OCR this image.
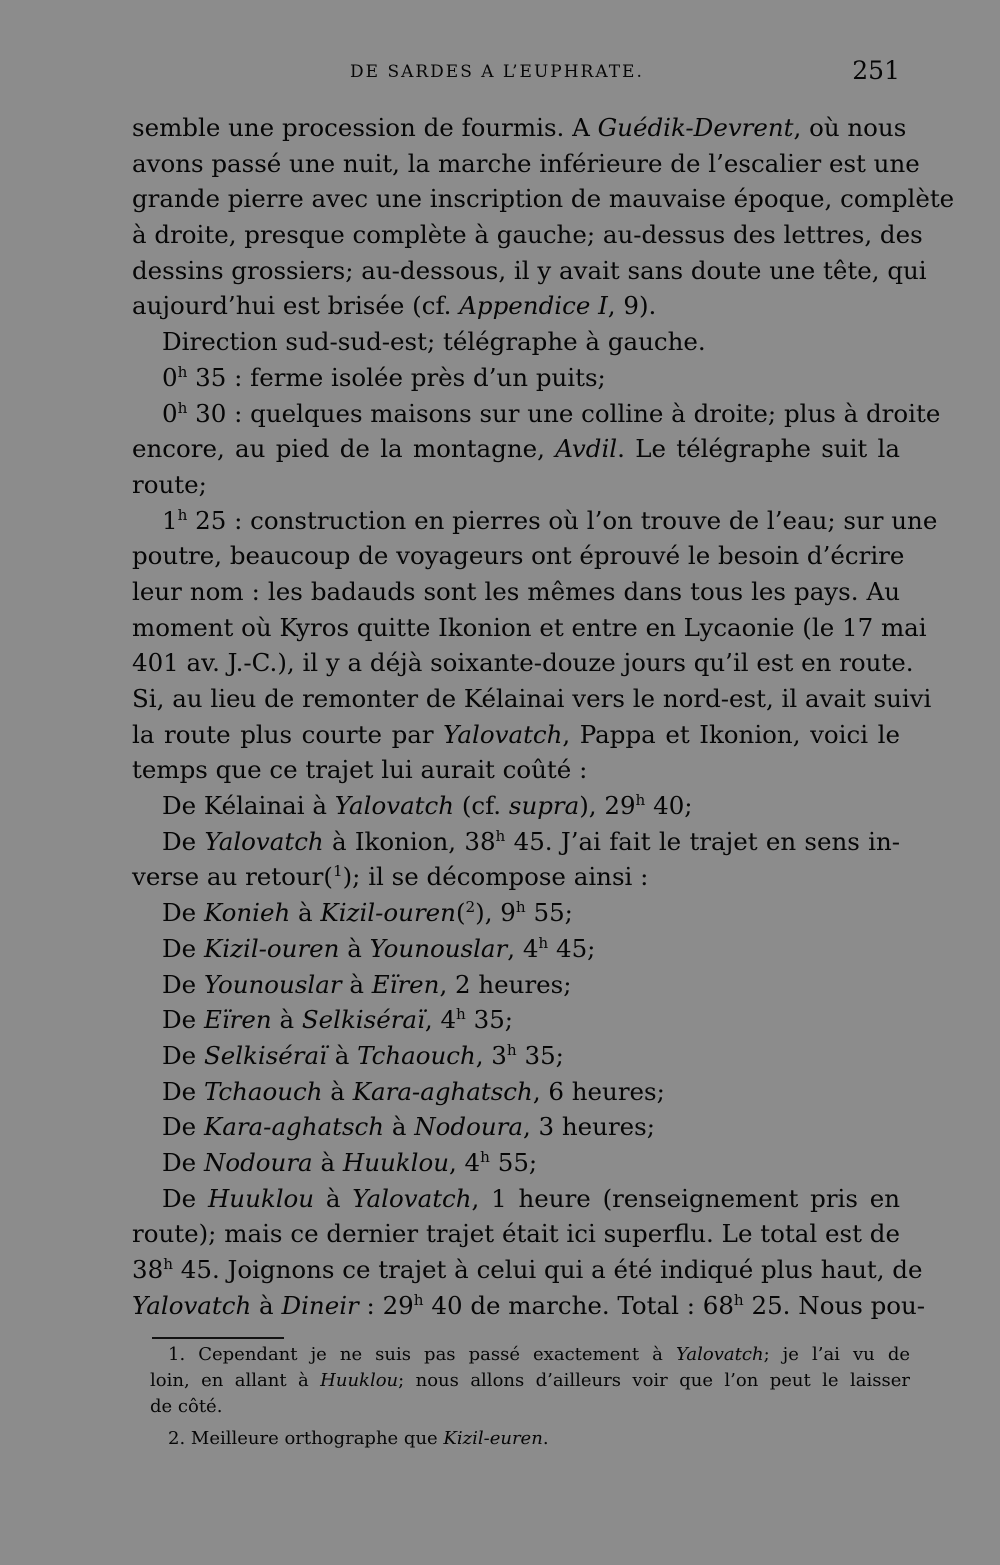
DE SARDES A L’EUPHRATE.	251
semble une procession de fourmis. A Guédik-Devrent, où nous
avons passé une nuit, la marche inférieure de l’escalier est une
grande pierre avec une inscription de mauvaise époque, complète
à droite, presque complète à gauche; au-dessus des lettres, des
dessins grossiers; au-dessous, il y avait sans doute une tête, qui
aujourd’hui est brisée (cf. Appendice I, 9).
Direction sud-sud-est; télégraphe à gauche.
0$^h$ 35 : ferme isolée près d’un puits;
0$^h$ 30 : quelques maisons sur une colline à droite; plus à droite
encore, au pied de la montagne, Avdil. Le télégraphe suit la
route;
1$^h$ 25 : construction en pierres où l’on trouve de l’eau; sur une
poutre, beaucoup de voyageurs ont éprouvé le besoin d’écrire
leur nom : les badauds sont les mêmes dans tous les pays. Au
moment où Kyros quitte Ikonion et entre en Lycaonie (le 17 mai
401 av. J.-C.), il y a déjà soixante-douze jours qu’il est en route.
Si, au lieu de remonter de Kélainai vers le nord-est, il avait suivi
la route plus courte par Yalovatch, Pappa et Ikonion, voici le
temps que ce trajet lui aurait coûté :
De Kélainai à Yalovatch (cf. supra), 29$^h$ 40;
De Yalovatch à Ikonion, 38$^h$ 45. J’ai fait le trajet en sens in-
verse au retour($^1$); il se décompose ainsi :
De Konieh à Kizil-ouren($^2$), 9$^h$ 55;
De Kizil-ouren à Younouslar, 4$^h$ 45;
De Younouslar à Eïren, 2 heures;
De Eïren à Selkiséraï, 4$^h$ 35;
De Selkiséraï à Tchaouch, 3$^h$ 35;
De Tchaouch à Kara-aghatsch, 6 heures;
De Kara-aghatsch à Nodoura, 3 heures;
De Nodoura à Huuklou, 4$^h$ 55;
De Huuklou à Yalovatch, 1 heure (renseignement pris en
route); mais ce dernier trajet était ici superflu. Le total est de
38$^h$ 45. Joignons ce trajet à celui qui a été indiqué plus haut, de
Yalovatch à Dineir : 29$^h$ 40 de marche. Total : 68$^h$ 25. Nous pou-
1. Cependant je ne suis pas passé exactement à Yalovatch; je l’ai vu de
loin, en allant à Huuklou; nous allons d’ailleurs voir que l’on peut le laisser
de côté.
2. Meilleure orthographe que Kizil-euren.
